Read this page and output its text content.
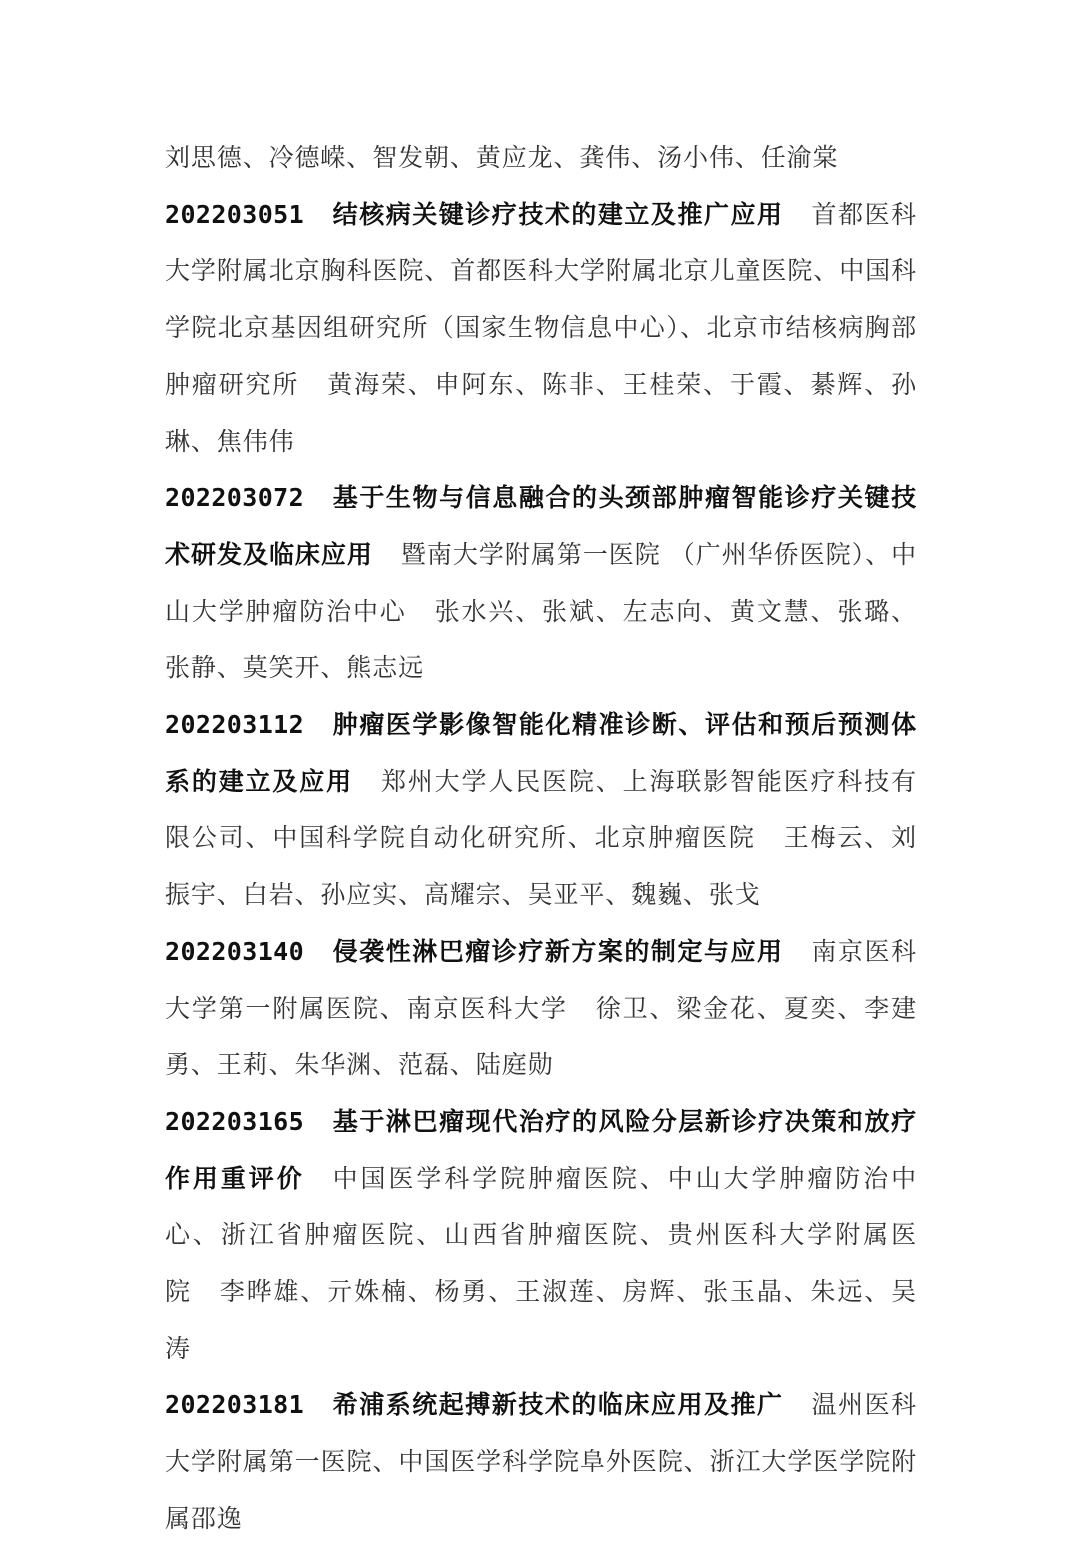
刘思德、冷德嵘、智发朝、黄应龙、龚伟、汤小伟、任渝棠

202203051 结核病关键诊疗技术的建立及推广应用 首都医科大学附属北京胸科医院、首都医科大学附属北京儿童医院、中国科学院北京基因组研究所（国家生物信息中心）、北京市结核病胸部肿瘤研究所 黄海荣、申阿东、陈非、王桂荣、于霞、綦辉、孙琳、焦伟伟

202203072 基于生物与信息融合的头颈部肿瘤智能诊疗关键技术研发及临床应用 暨南大学附属第一医院 （广州华侨医院）、中山大学肿瘤防治中心 张水兴、张斌、左志向、黄文慧、张璐、张静、莫笑开、熊志远

202203112 肿瘤医学影像智能化精准诊断、评估和预后预测体系的建立及应用 郑州大学人民医院、上海联影智能医疗科技有限公司、中国科学院自动化研究所、北京肿瘤医院 王梅云、刘振宇、白岩、孙应实、高耀宗、吴亚平、魏巍、张戈

202203140 侵袭性淋巴瘤诊疗新方案的制定与应用 南京医科大学第一附属医院、南京医科大学 徐卫、梁金花、夏奕、李建勇、王莉、朱华渊、范磊、陆庭勋

202203165 基于淋巴瘤现代治疗的风险分层新诊疗决策和放疗作用重评价 中国医学科学院肿瘤医院、中山大学肿瘤防治中心、浙江省肿瘤医院、山西省肿瘤医院、贵州医科大学附属医院 李晔雄、亓姝楠、杨勇、王淑莲、房辉、张玉晶、朱远、吴涛

202203181 希浦系统起搏新技术的临床应用及推广 温州医科大学附属第一医院、中国医学科学院阜外医院、浙江大学医学院附属邵逸
